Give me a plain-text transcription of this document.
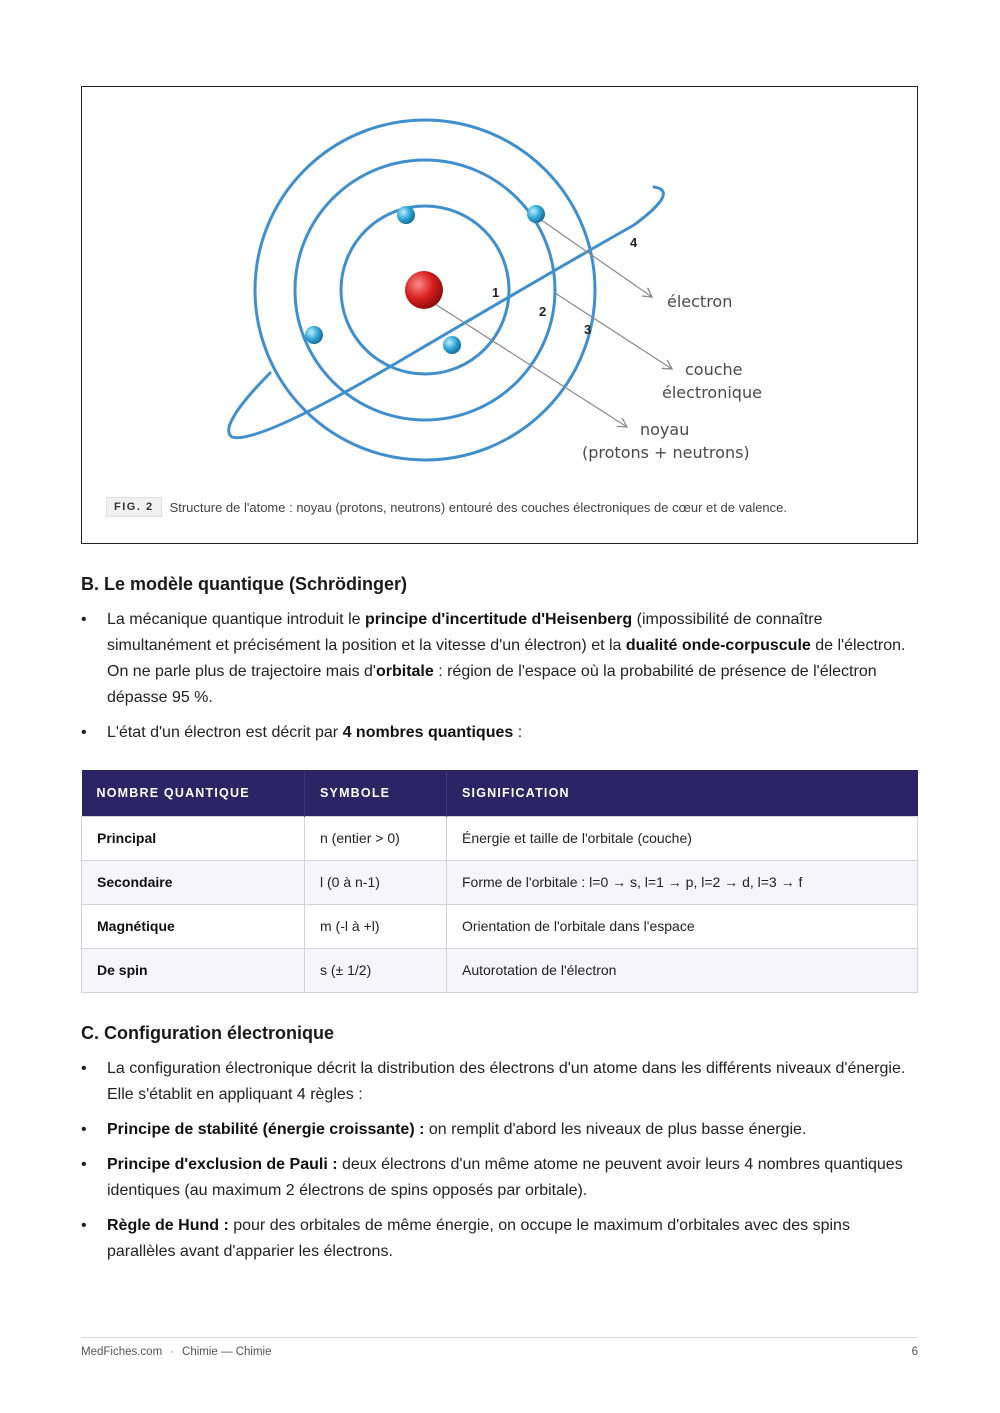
1
2
3
4
électron
couche
électronique
noyau
(protons + neutrons)
FIG. 2	Structure de l'atome : noyau (protons, neutrons) entouré des couches électroniques de cœur et de valence.
B. Le modèle quantique (Schrödinger)
• La mécanique quantique introduit le principe d'incertitude d'Heisenberg (impossibilité de connaître simultanément et précisément la position et la vitesse d'un électron) et la dualité onde-corpuscule de l'électron. On ne parle plus de trajectoire mais d'orbitale : région de l'espace où la probabilité de présence de l'électron dépasse 95 %.
• L'état d'un électron est décrit par 4 nombres quantiques :
NOMBRE QUANTIQUE	SYMBOLE	SIGNIFICATION
Principal	n (entier > 0)	Énergie et taille de l'orbitale (couche)
Secondaire	l (0 à n-1)	Forme de l'orbitale : l=0 → s, l=1 → p, l=2 → d, l=3 → f
Magnétique	m (-l à +l)	Orientation de l'orbitale dans l'espace
De spin	s (± 1/2)	Autorotation de l'électron
C. Configuration électronique
• La configuration électronique décrit la distribution des électrons d'un atome dans les différents niveaux d'énergie. Elle s'établit en appliquant 4 règles :
• Principe de stabilité (énergie croissante) : on remplit d'abord les niveaux de plus basse énergie.
• Principe d'exclusion de Pauli : deux électrons d'un même atome ne peuvent avoir leurs 4 nombres quantiques identiques (au maximum 2 électrons de spins opposés par orbitale).
• Règle de Hund : pour des orbitales de même énergie, on occupe le maximum d'orbitales avec des spins parallèles avant d'apparier les électrons.
MedFiches.com · Chimie — Chimie	6
